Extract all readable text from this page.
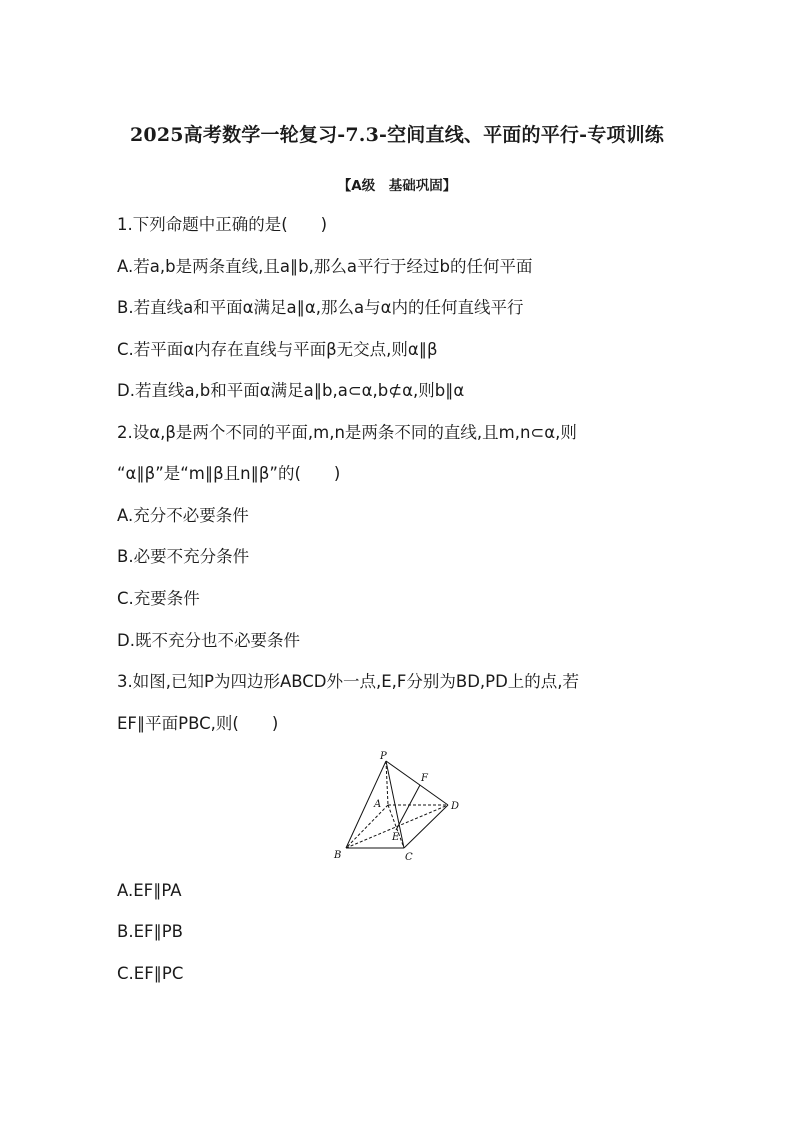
2025高考数学一轮复习-7.3-空间直线、平面的平行-专项训练
【A级　基础巩固】
1.下列命题中正确的是(　　)
A.若a,b是两条直线,且a∥b,那么a平行于经过b的任何平面
B.若直线a和平面α满足a∥α,那么a与α内的任何直线平行
C.若平面α内存在直线与平面β无交点,则α∥β
D.若直线a,b和平面α满足a∥b,a⊂α,b⊄α,则b∥α
2.设α,β是两个不同的平面,m,n是两条不同的直线,且m,n⊂α,则
“α∥β”是“m∥β且n∥β”的(　　)
A.充分不必要条件
B.必要不充分条件
C.充要条件
D.既不充分也不必要条件
3.如图,已知P为四边形ABCD外一点,E,F分别为BD,PD上的点,若
EF∥平面PBC,则(　　)
P
F
A	D
E
B	C
A.EF∥PA
B.EF∥PB
C.EF∥PC
